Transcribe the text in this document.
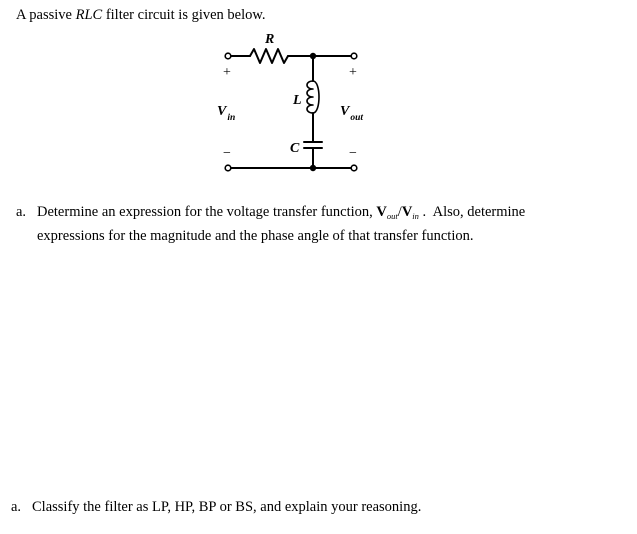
A passive RLC filter circuit is given below.
R
L
C
$V_{in}$	$V_{out}$
+	+
−	−
a. Determine an expression for the voltage transfer function, $V_{out}/V_{in}$ .  Also, determine
expressions for the magnitude and the phase angle of that transfer function.
a. Classify the filter as LP, HP, BP or BS, and explain your reasoning.
